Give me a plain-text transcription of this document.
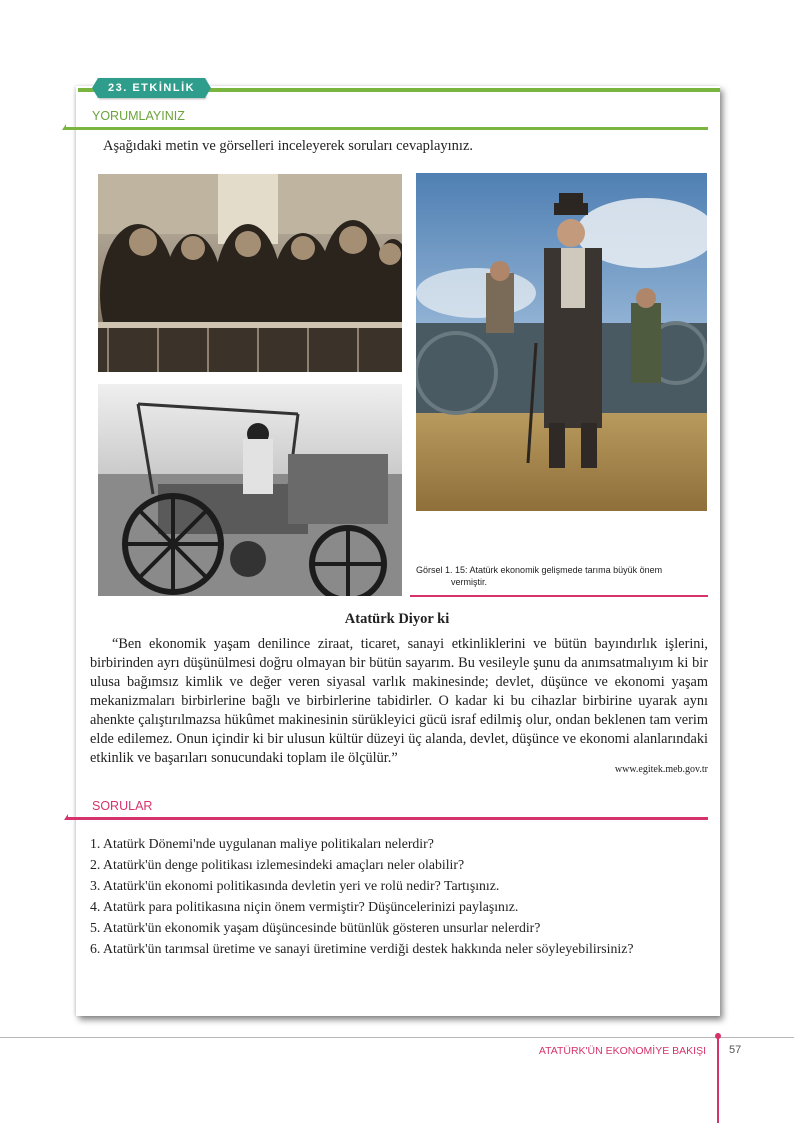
23. ETKİNLİK
YORUMLAYINIZ
Aşağıdaki metin ve görselleri inceleyerek soruları cevaplayınız.
Görsel 1. 15: Atatürk ekonomik gelişmede tarıma büyük önem
vermiştir.
Atatürk Diyor ki
“Ben ekonomik yaşam denilince ziraat, ticaret, sanayi etkinliklerini ve bütün bayındırlık işlerini, birbirinden ayrı düşünülmesi doğru olmayan bir bütün sayarım. Bu vesileyle şunu da anımsatmalıyım ki bir ulusa bağımsız kimlik ve değer veren siyasal varlık makinesinde; devlet, düşünce ve ekonomi yaşam mekanizmaları birbirlerine bağlı ve birbirlerine tabidirler. O kadar ki bu cihazlar birbirine uyarak aynı ahenkte çalıştırılmazsa hükûmet makinesinin sürükleyici gücü israf edilmiş olur, ondan beklenen tam verim elde edilemez. Onun içindir ki bir ulusun kültür düzeyi üç alanda, devlet, düşünce ve ekonomi alanlarındaki etkinlik ve başarıları sonucundaki toplam ile ölçülür.”
www.egitek.meb.gov.tr
SORULAR
1. Atatürk Dönemi'nde uygulanan maliye politikaları nelerdir?
2. Atatürk'ün denge politikası izlemesindeki amaçları neler olabilir?
3. Atatürk'ün ekonomi politikasında devletin yeri ve rolü nedir? Tartışınız.
4. Atatürk para politikasına niçin önem vermiştir? Düşüncelerinizi paylaşınız.
5. Atatürk'ün ekonomik yaşam düşüncesinde bütünlük gösteren unsurlar nelerdir?
6. Atatürk'ün tarımsal üretime ve sanayi üretimine verdiği destek hakkında neler söyleyebilirsiniz?
ATATÜRK'ÜN EKONOMİYE BAKIŞI 57
